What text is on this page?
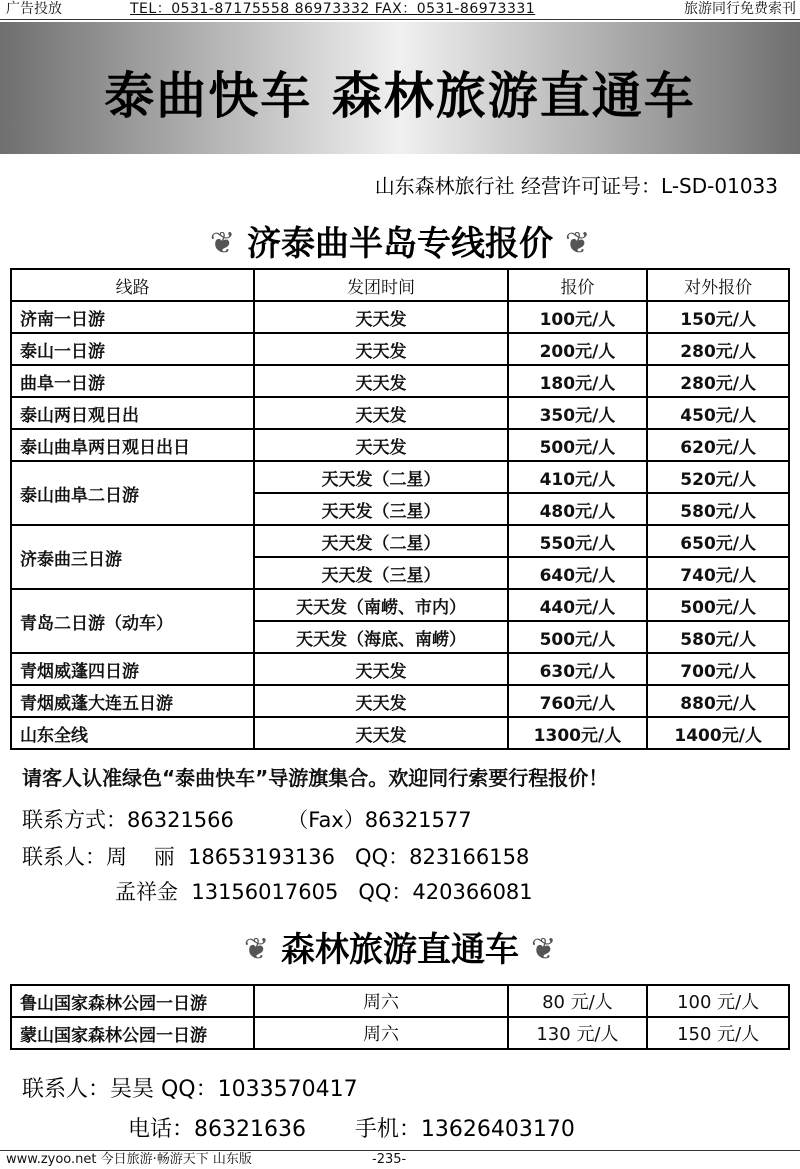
广告投放	TEL：0531-87175558 86973332 FAX：0531-86973331	旅游同行免费索刊
泰曲快车 森林旅游直通车
山东森林旅行社 经营许可证号：L-SD-01033
❦ 济泰曲半岛专线报价 ❦
线路	发团时间	报价	对外报价
济南一日游	天天发	100元/人	150元/人
泰山一日游	天天发	200元/人	280元/人
曲阜一日游	天天发	180元/人	280元/人
泰山两日观日出	天天发	350元/人	450元/人
泰山曲阜两日观日出日	天天发	500元/人	620元/人
泰山曲阜二日游	天天发（二星）	410元/人	520元/人
	天天发（三星）	480元/人	580元/人
济泰曲三日游	天天发（二星）	550元/人	650元/人
	天天发（三星）	640元/人	740元/人
青岛二日游（动车）	天天发（南崂、市内）	440元/人	500元/人
	天天发（海底、南崂）	500元/人	580元/人
青烟威蓬四日游	天天发	630元/人	700元/人
青烟威蓬大连五日游	天天发	760元/人	880元/人
山东全线	天天发	1300元/人	1400元/人
请客人认准绿色“泰曲快车”导游旗集合。欢迎同行索要行程报价！
联系方式：86321566        （Fax）86321577
联系人：周    丽  18653193136   QQ：823166158
孟祥金  13156017605   QQ：420366081
❦ 森林旅游直通车 ❦
鲁山国家森林公园一日游	周六	80 元/人	100 元/人
蒙山国家森林公园一日游	周六	130 元/人	150 元/人
联系人：吴昊 QQ：1033570417
电话：86321636       手机：13626403170
www.zyoo.net 今日旅游·畅游天下 山东版	-235-
